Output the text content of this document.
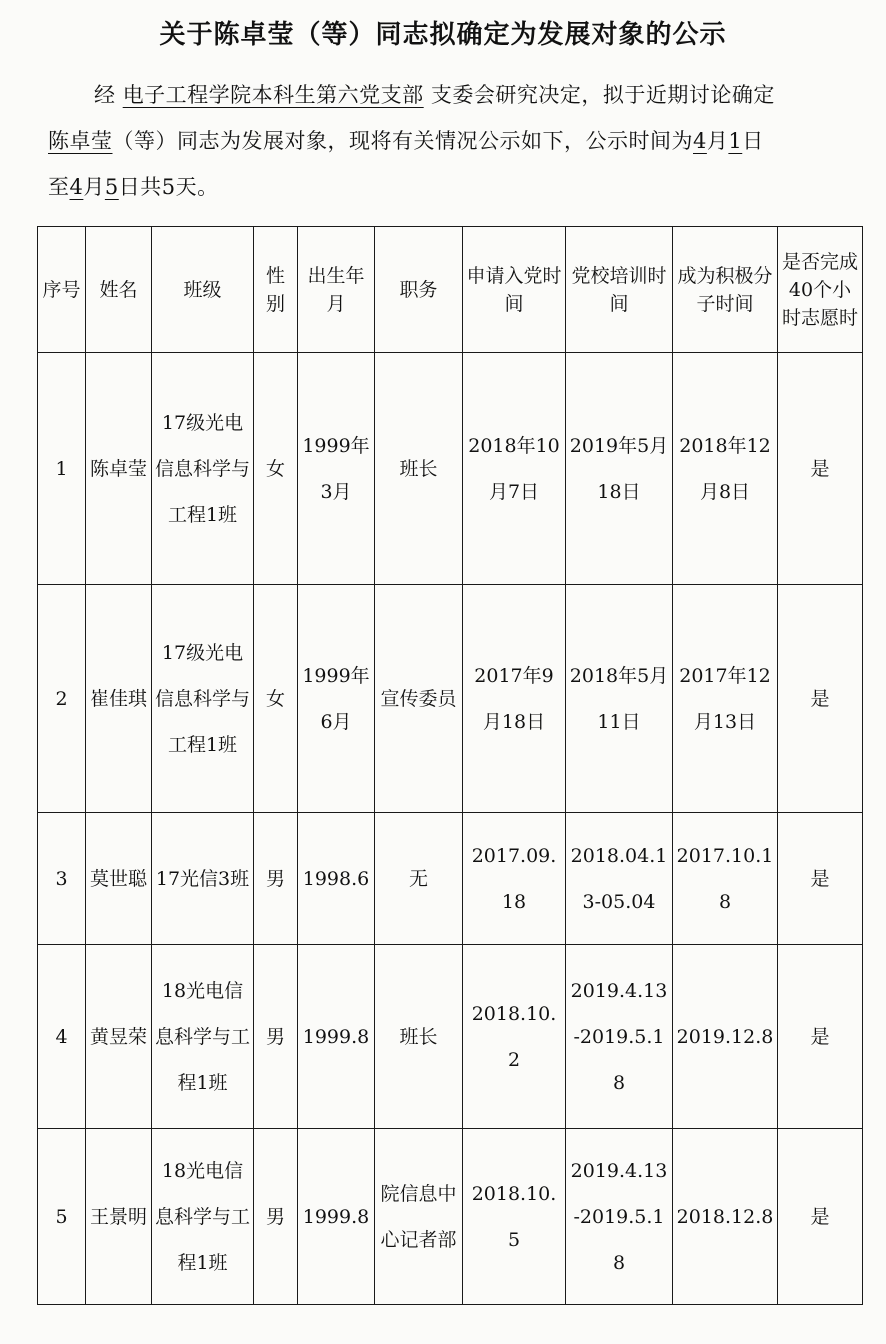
关于陈卓莹（等）同志拟确定为发展对象的公示
经 电子工程学院本科生第六党支部 支委会研究决定，拟于近期讨论确定
陈卓莹（等）同志为发展对象，现将有关情况公示如下，公示时间为4月1日
至4月5日共5天。
序号	姓名	班级	性别	出生年月	职务	申请入党时间	党校培训时间	成为积极分子时间	是否完成40个小时志愿时
1	陈卓莹	17级光电信息科学与工程1班	女	1999年3月	班长	2018年10月7日	2019年5月18日	2018年12月8日	是
2	崔佳琪	17级光电信息科学与工程1班	女	1999年6月	宣传委员	2017年9月18日	2018年5月11日	2017年12月13日	是
3	莫世聪	17光信3班	男	1998.6	无	2017.09. 18	2018.04.13-05.04	2017.10.18	是
4	黄昱荣	18光电信息科学与工程1班	男	1999.8	班长	2018.10.2	2019.4.13-2019.5.18	2019.12.8	是
5	王景明	18光电信息科学与工程1班	男	1999.8	院信息中心记者部	2018.10.5	2019.4.13-2019.5.18	2018.12.8	是
